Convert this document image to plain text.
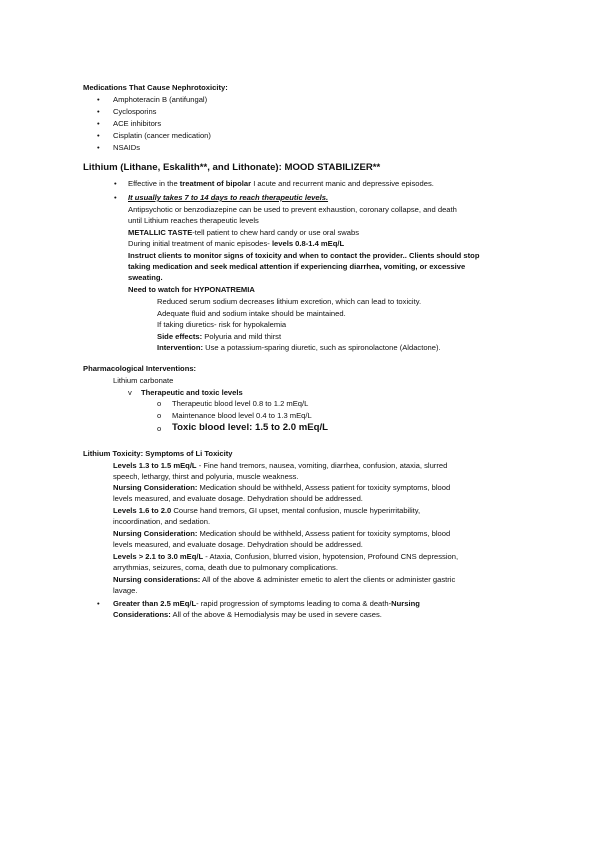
Medications That Cause Nephrotoxicity:
• Amphoteracin B (antifungal)
• Cyclosporins
• ACE inhibitors
• Cisplatin (cancer medication)
• NSAIDs
Lithium (Lithane, Eskalith**, and Lithonate): MOOD STABILIZER**
• Effective in the treatment of bipolar I acute and recurrent manic and depressive episodes.
• It usually takes 7 to 14 days to reach therapeutic levels.
Antipsychotic or benzodiazepine can be used to prevent exhaustion, coronary collapse, and death
until Lithium reaches therapeutic levels
METALLIC TASTE-tell patient to chew hard candy or use oral swabs
During initial treatment of manic episodes- levels 0.8-1.4 mEq/L
Instruct clients to monitor signs of toxicity and when to contact the provider.. Clients should stop
taking medication and seek medical attention if experiencing diarrhea, vomiting, or excessive
sweating.
Need to watch for HYPONATREMIA
Reduced serum sodium decreases lithium excretion, which can lead to toxicity.
Adequate fluid and sodium intake should be maintained.
If taking diuretics- risk for hypokalemia
Side effects: Polyuria and mild thirst
Intervention: Use a potassium-sparing diuretic, such as spironolactone (Aldactone).
Pharmacological Interventions:
Lithium carbonate
v Therapeutic and toxic levels
o Therapeutic blood level 0.8 to 1.2 mEq/L
o Maintenance blood level 0.4 to 1.3 mEq/L
o Toxic blood level: 1.5 to 2.0 mEq/L
Lithium Toxicity: Symptoms of Li Toxicity
Levels 1.3 to 1.5 mEq/L - Fine hand tremors, nausea, vomiting, diarrhea, confusion, ataxia, slurred
speech, lethargy, thirst and polyuria, muscle weakness.
Nursing Consideration: Medication should be withheld, Assess patient for toxicity symptoms, blood
levels measured, and evaluate dosage. Dehydration should be addressed.
Levels 1.6 to 2.0 Course hand tremors, GI upset, mental confusion, muscle hyperirritability,
incoordination, and sedation.
Nursing Consideration: Medication should be withheld, Assess patient for toxicity symptoms, blood
levels measured, and evaluate dosage. Dehydration should be addressed.
Levels > 2.1 to 3.0 mEq/L - Ataxia, Confusion, blurred vision, hypotension, Profound CNS depression,
arrythmias, seizures, coma, death due to pulmonary complications.
Nursing considerations: All of the above & administer emetic to alert the clients or administer gastric
lavage.
• Greater than 2.5 mEq/L- rapid progression of symptoms leading to coma & death-Nursing
Considerations: All of the above & Hemodialysis may be used in severe cases.
